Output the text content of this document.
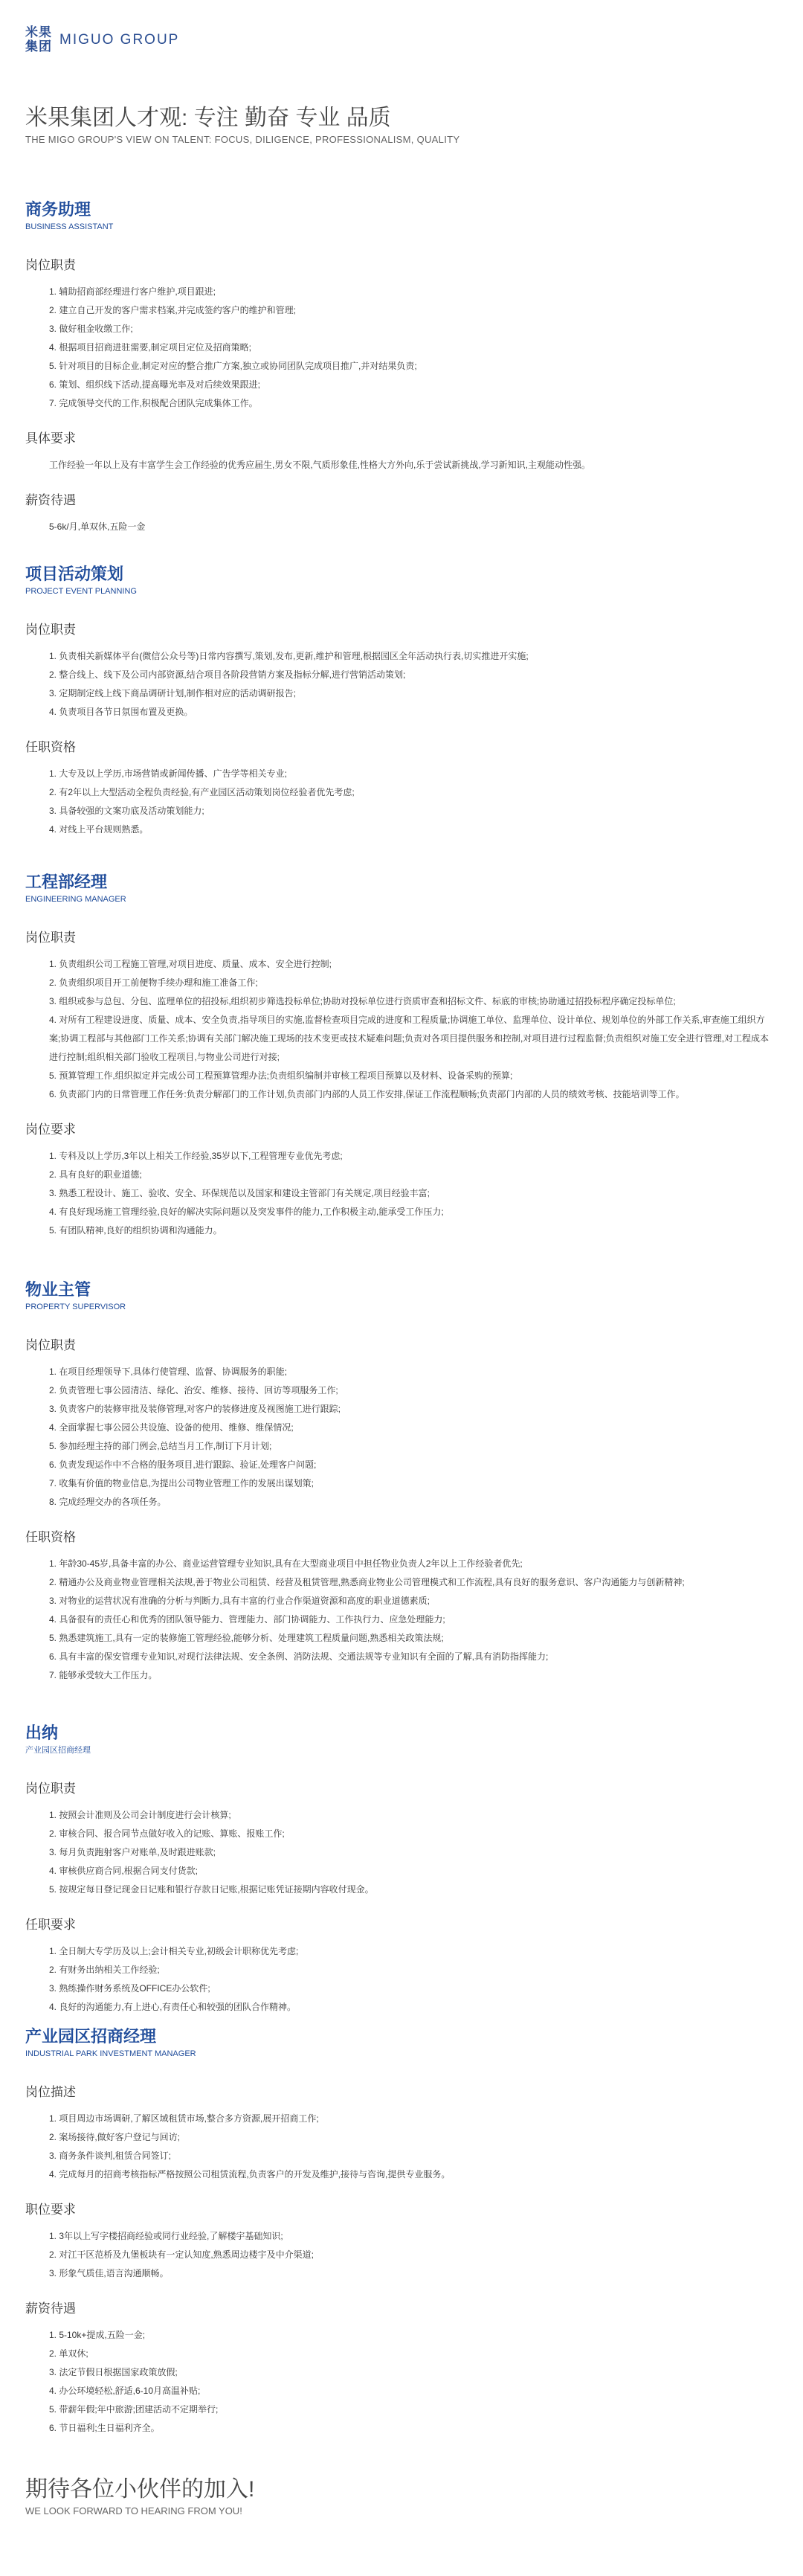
米果集团 MIGUO GROUP
米果集团人才观: 专注 勤奋 专业 品质
THE MIGO GROUP'S VIEW ON TALENT: FOCUS, DILIGENCE, PROFESSIONALISM, QUALITY
商务助理
BUSINESS ASSISTANT
岗位职责
1. 辅助招商部经理进行客户维护,项目跟进;
2. 建立自己开发的客户需求档案,并完成签约客户的维护和管理;
3. 做好租金收缴工作;
4. 根据项目招商进驻需要,制定项目定位及招商策略;
5. 针对项目的目标企业,制定对应的整合推广方案,独立或协同团队完成项目推广,并对结果负责;
6. 策划、组织线下活动,提高曝光率及对后续效果跟进;
7. 完成领导交代的工作,积极配合团队完成集体工作。
具体要求
工作经验一年以上及有丰富学生会工作经验的优秀应届生,男女不限,气质形象佳,性格大方外向,乐于尝试新挑战,学习新知识,主观能动性强。
薪资待遇
5-6k/月,单双休,五险一金
项目活动策划
PROJECT EVENT PLANNING
岗位职责
1. 负责相关新媒体平台(微信公众号等)日常内容撰写,策划,发布,更新,维护和管理,根据园区全年活动执行表,切实推进开实施;
2. 整合线上、线下及公司内部资源,结合项目各阶段营销方案及指标分解,进行营销活动策划;
3. 定期制定线上线下商品调研计划,制作相对应的活动调研报告;
4. 负责项目各节日氛围布置及更换。
任职资格
1. 大专及以上学历,市场营销或新闻传播、广告学等相关专业;
2. 有2年以上大型活动全程负责经验,有产业园区活动策划岗位经验者优先考虑;
3. 具备较强的文案功底及活动策划能力;
4. 对线上平台规则熟悉。
工程部经理
ENGINEERING MANAGER
岗位职责
1. 负责组织公司工程施工管理,对项目进度、质量、成本、安全进行控制;
2. 负责组织项目开工前便物手续办理和施工准备工作;
3. 组织或参与总包、分包、监理单位的招投标,组织初步筛选投标单位;协助对投标单位进行资质审查和招标文件、标底的审核;协助通过招投标程序确定投标单位;
4. 对所有工程建设进度、质量、成本、安全负责,指导项目的实施,监督检查项目完成的进度和工程质量;协调施工单位、监理单位、设计单位、规划单位的外部工作关系,审查施工组织方案;协调工程部与其他部门工作关系;协调有关部门解决施工现场的技术变更或技术疑难问题;负责对各项目提供服务和控制,对项目进行过程监督;负责组织对施工安全进行管理,对工程成本进行控制;组织相关部门验收工程项目,与物业公司进行对接;
5. 预算管理工作,组织拟定并完成公司工程预算管理办法;负责组织编制并审核工程项目预算以及材料、设备采购的预算;
6. 负责部门内的日常管理工作任务:负责分解部门的工作计划,负责部门内部的人员工作安排,保证工作流程顺畅;负责部门内部的人员的绩效考核、技能培训等工作。
岗位要求
1. 专科及以上学历,3年以上相关工作经验,35岁以下,工程管理专业优先考虑;
2. 具有良好的职业道德;
3. 熟悉工程设计、施工、验收、安全、环保规范以及国家和建设主管部门有关规定,项目经验丰富;
4. 有良好现场施工管理经验,良好的解决实际问题以及突发事件的能力,工作积极主动,能承受工作压力;
5. 有团队精神,良好的组织协调和沟通能力。
物业主管
PROPERTY SUPERVISOR
岗位职责
1. 在项目经理领导下,具体行使管理、监督、协调服务的职能;
2. 负责管理七事公园清洁、绿化、治安、维修、接待、回访等项服务工作;
3. 负责客户的装修审批及装修管理,对客户的装修进度及视图施工进行跟踪;
4. 全面掌握七事公园公共设施、设备的使用、维修、维保情况;
5. 参加经理主持的部门例会,总结当月工作,制订下月计划;
6. 负责发现运作中不合格的服务项目,进行跟踪、验证,处理客户问题;
7. 收集有价值的物业信息,为提出公司物业管理工作的发展出谋划策;
8. 完成经理交办的各项任务。
任职资格
1. 年龄30-45岁,具备丰富的办公、商业运营管理专业知识,具有在大型商业项目中担任物业负责人2年以上工作经验者优先;
2. 精通办公及商业物业管理相关法规,善于物业公司租赁、经营及租赁管理,熟悉商业物业公司管理模式和工作流程,具有良好的服务意识、客户沟通能力与创新精神;
3. 对物业的运营状况有准确的分析与判断力,具有丰富的行业合作渠道资源和高度的职业道德素质;
4. 具备很有的责任心和优秀的团队领导能力、管理能力、部门协调能力、工作执行力、应急处理能力;
5. 熟悉建筑施工,具有一定的装修施工管理经验,能够分析、处理建筑工程质量问题,熟悉相关政策法规;
6. 具有丰富的保安管理专业知识,对现行法律法规、安全条例、消防法规、交通法规等专业知识有全面的了解,具有消防指挥能力;
7. 能够承受较大工作压力。
出纳
产业园区招商经理
岗位职责
1. 按照会计准则及公司会计制度进行会计核算;
2. 审核合同、报合同节点做好收入的记账、算账、报账工作;
3. 每月负责跑射客户对账单,及时跟进账款;
4. 审核供应商合同,根据合同支付货款;
5. 按规定每日登记现金日记账和银行存款日记账,根据记账凭证接期内容收付现金。
任职要求
1. 全日制大专学历及以上;会计相关专业,初级会计职称优先考虑;
2. 有财务出纳相关工作经验;
3. 熟练操作财务系统及OFFICE办公软件;
4. 良好的沟通能力,有上进心,有责任心和较强的团队合作精神。
产业园区招商经理
INDUSTRIAL PARK INVESTMENT MANAGER
岗位描述
1. 项目周边市场调研,了解区域租赁市场,整合多方资源,展开招商工作;
2. 案场接待,做好客户登记与回访;
3. 商务条件谈判,租赁合同签订;
4. 完成每月的招商考核指标严格按照公司租赁流程,负责客户的开发及维护,接待与咨询,提供专业服务。
职位要求
1. 3年以上写字楼招商经验或同行业经验,了解楼宇基础知识;
2. 对江干区范桥及九堡板块有一定认知度,熟悉周边楼宇及中介渠道;
3. 形象气质佳,语言沟通顺畅。
薪资待遇
1. 5-10k+提成,五险一金;
2. 单双休;
3. 法定节假日根据国家政策放假;
4. 办公环境轻松,舒适,6-10月高温补贴;
5. 带薪年假;年中旅游;团建活动不定期举行;
6. 节日福利;生日福利齐全。
期待各位小伙伴的加入!
WE LOOK FORWARD TO HEARING FROM YOU!
